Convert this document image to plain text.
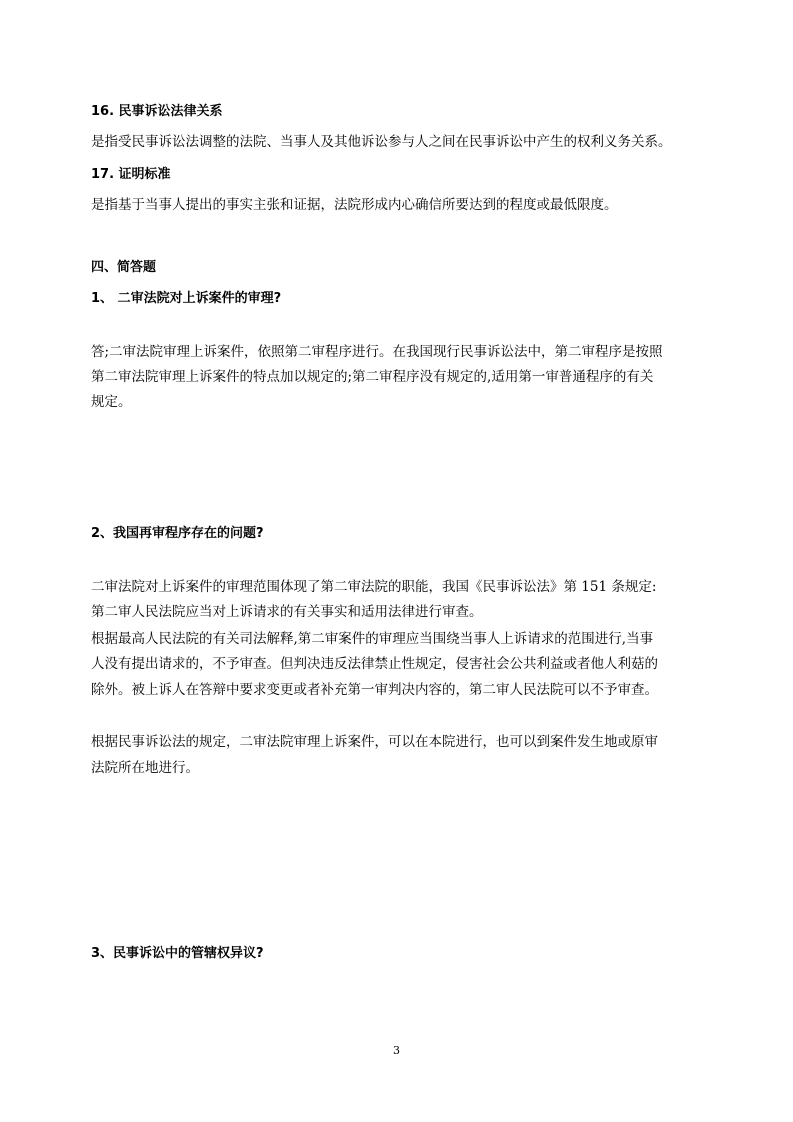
16. 民事诉讼法律关系
是指受民事诉讼法调整的法院、当事人及其他诉讼参与人之间在民事诉讼中产生的权利义务关系。
17. 证明标准
是指基于当事人提出的事实主张和证据，法院形成内心确信所要达到的程度或最低限度。
四、简答题
1、 二审法院对上诉案件的审理?
答;二审法院审理上诉案件，依照第二审程序进行。在我国现行民事诉讼法中，第二审程序是按照
第二审法院审理上诉案件的特点加以规定的;第二审程序没有规定的,适用第一审普通程序的有关
规定。
2、我国再审程序存在的问题?
二审法院对上诉案件的审理范围体现了第二审法院的职能，我国《民事诉讼法》第 151 条规定:
第二审人民法院应当对上诉请求的有关事实和适用法律进行审查。
根据最高人民法院的有关司法解释,第二审案件的审理应当围绕当事人上诉请求的范围进行,当事
人没有提出请求的，不予审查。但判决违反法律禁止性规定，侵害社会公共利益或者他人利菇的
除外。被上诉人在答辩中要求变更或者补充第一审判决内容的，第二审人民法院可以不予审查。
根据民事诉讼法的规定，二审法院审理上诉案件，可以在本院进行，也可以到案件发生地或原审
法院所在地进行。
3、民事诉讼中的管辖权异议?
3
